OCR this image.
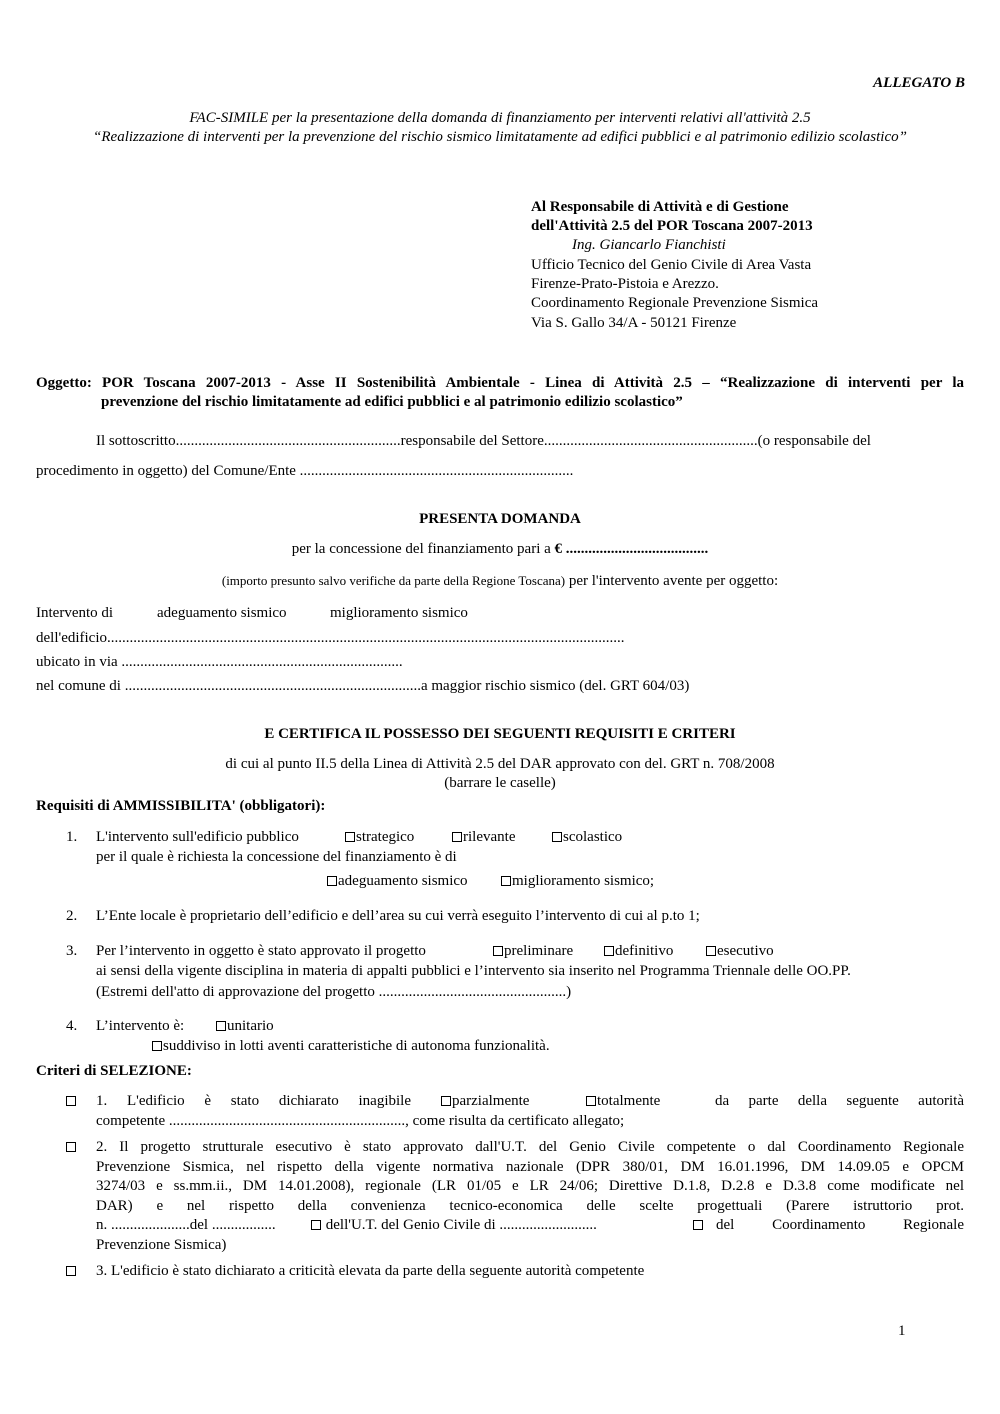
ALLEGATO B
FAC-SIMILE per la presentazione della domanda di finanziamento per interventi relativi all'attività 2.5
“Realizzazione di interventi per la prevenzione del rischio sismico limitatamente ad edifici pubblici e al patrimonio edilizio scolastico”
Al Responsabile di Attività e di Gestione
dell'Attività 2.5 del POR Toscana 2007-2013
Ing. Giancarlo Fianchisti
Ufficio Tecnico del Genio Civile di Area Vasta
Firenze-Prato-Pistoia e Arezzo.
Coordinamento Regionale Prevenzione Sismica
Via S. Gallo 34/A - 50121 Firenze
Oggetto: POR Toscana 2007-2013 - Asse II Sostenibilità Ambientale - Linea di Attività 2.5 – “Realizzazione di interventi per la
prevenzione del rischio limitatamente ad edifici pubblici e al patrimonio edilizio scolastico”
Il sottoscritto............................................................responsabile del Settore.........................................................(o responsabile del
procedimento in oggetto) del Comune/Ente .........................................................................
PRESENTA DOMANDA
per la concessione del finanziamento pari a € ......................................
(importo presunto salvo verifiche da parte della Regione Toscana) per l'intervento avente per oggetto:
Intervento di	adeguamento sismico	miglioramento sismico
dell'edificio..........................................................................................................................................
ubicato in via ...........................................................................
nel comune di ...............................................................................a maggior rischio sismico (del. GRT 604/03)
E CERTIFICA IL POSSESSO DEI SEGUENTI REQUISITI E CRITERI
di cui al punto II.5 della Linea di Attività 2.5 del DAR approvato con del. GRT n. 708/2008
(barrare le caselle)
Requisiti di AMMISSIBILITA' (obbligatori):
1. L'intervento sull'edificio pubblico	strategico	rilevante	scolastico
per il quale è richiesta la concessione del finanziamento è di
adeguamento sismico	miglioramento sismico;
2. L’Ente locale è proprietario dell’edificio e dell’area su cui verrà eseguito l’intervento di cui al p.to 1;
3. Per l’intervento in oggetto è stato approvato il progetto	preliminare	definitivo	esecutivo
ai sensi della vigente disciplina in materia di appalti pubblici e l’intervento sia inserito nel Programma Triennale delle OO.PP.
(Estremi dell'atto di approvazione del progetto ..................................................)
4. L’intervento è:	unitario
suddiviso in lotti aventi caratteristiche di autonoma funzionalità.
Criteri di SELEZIONE:
1. L'edificio è stato dichiarato inagibile	parzialmente	totalmente	da parte della seguente autorità
competente ..............................................................., come risulta da certificato allegato;
2. Il progetto strutturale esecutivo è stato approvato dall'U.T. del Genio Civile competente o dal Coordinamento Regionale
Prevenzione Sismica, nel rispetto della vigente normativa nazionale (DPR 380/01, DM 16.01.1996, DM 14.09.05 e OPCM
3274/03 e ss.mm.ii., DM 14.01.2008), regionale (LR 01/05 e LR 24/06; Direttive D.1.8, D.2.8 e D.3.8 come modificate nel
DAR) e nel rispetto della convenienza tecnico-economica delle scelte progettuali (Parere istruttorio prot.
n. .....................del .................	dell'U.T. del Genio Civile di ..........................	del Coordinamento Regionale
Prevenzione Sismica)
3. L'edificio è stato dichiarato a criticità elevata da parte della seguente autorità competente
1
